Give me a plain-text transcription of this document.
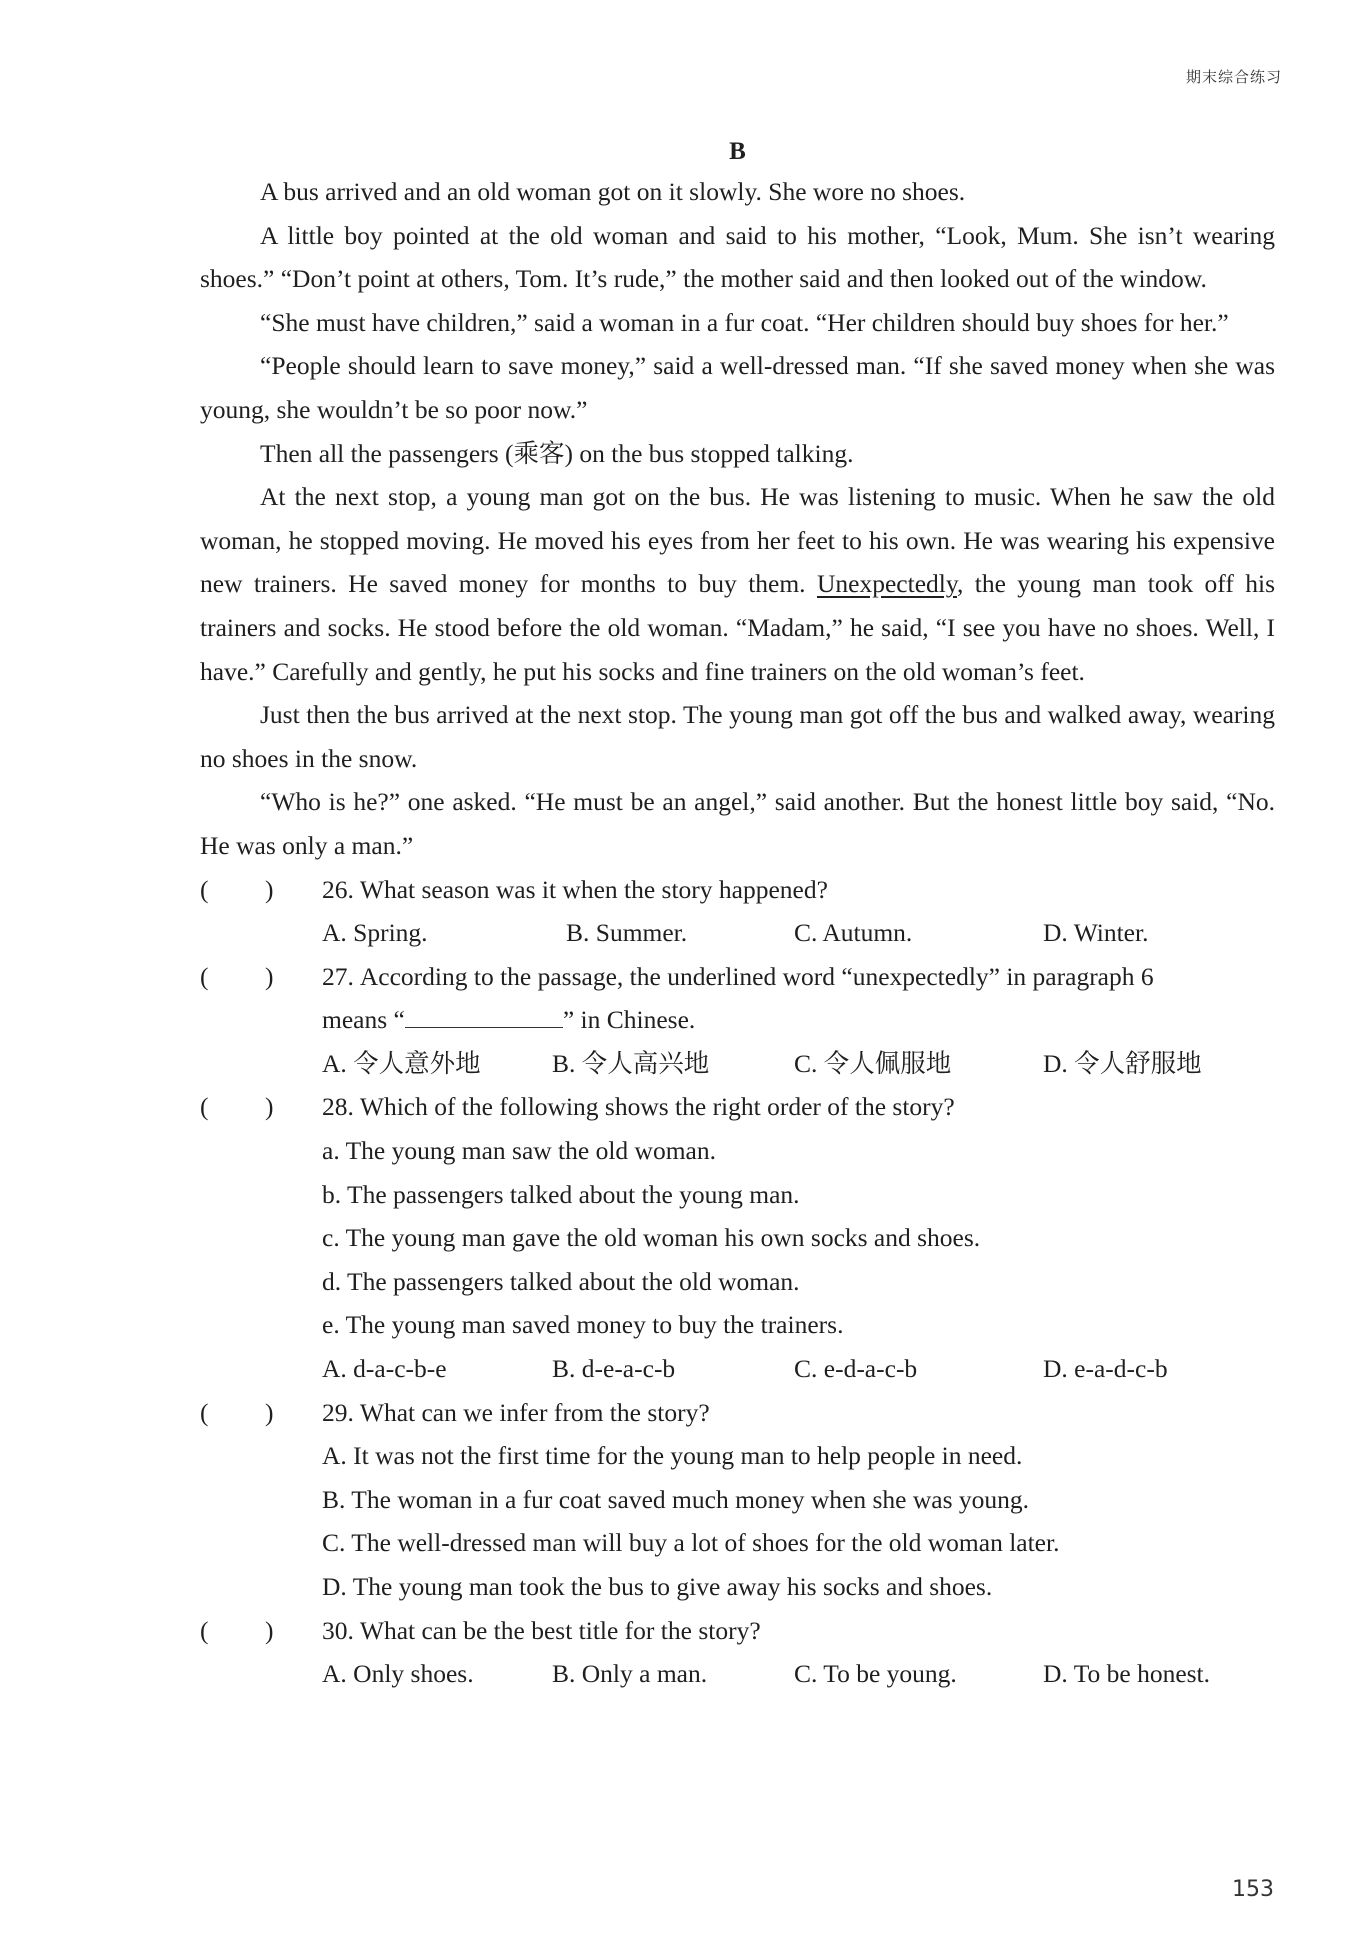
期末综合练习
B

A bus arrived and an old woman got on it slowly. She wore no shoes.

A little boy pointed at the old woman and said to his mother, “Look, Mum. She isn’t wearing shoes.” “Don’t point at others, Tom. It’s rude,” the mother said and then looked out of the window.

“She must have children,” said a woman in a fur coat. “Her children should buy shoes for her.”

“People should learn to save money,” said a well-dressed man. “If she saved money when she was young, she wouldn’t be so poor now.”

Then all the passengers (乘客) on the bus stopped talking.

At the next stop, a young man got on the bus. He was listening to music. When he saw the old woman, he stopped moving. He moved his eyes from her feet to his own. He was wearing his expensive new trainers. He saved money for months to buy them. Unexpectedly, the young man took off his trainers and socks. He stood before the old woman. “Madam,” he said, “I see you have no shoes. Well, I have.” Carefully and gently, he put his socks and fine trainers on the old woman’s feet.

Just then the bus arrived at the next stop. The young man got off the bus and walked away, wearing no shoes in the snow.

“Who is he?” one asked. “He must be an angel,” said another. But the honest little boy said, “No. He was only a man.”

( ) 26. What season was it when the story happened?
A. Spring.	B. Summer.	C. Autumn.	D. Winter.
( ) 27. According to the passage, the underlined word “unexpectedly” in paragraph 6
means “	” in Chinese.
A. 令人意外地	B. 令人高兴地	C. 令人佩服地	D. 令人舒服地
( ) 28. Which of the following shows the right order of the story?
a. The young man saw the old woman.
b. The passengers talked about the young man.
c. The young man gave the old woman his own socks and shoes.
d. The passengers talked about the old woman.
e. The young man saved money to buy the trainers.
A. d-a-c-b-e	B. d-e-a-c-b	C. e-d-a-c-b	D. e-a-d-c-b
( ) 29. What can we infer from the story?
A. It was not the first time for the young man to help people in need.
B. The woman in a fur coat saved much money when she was young.
C. The well-dressed man will buy a lot of shoes for the old woman later.
D. The young man took the bus to give away his socks and shoes.
( ) 30. What can be the best title for the story?
A. Only shoes.	B. Only a man.	C. To be young.	D. To be honest.
153
